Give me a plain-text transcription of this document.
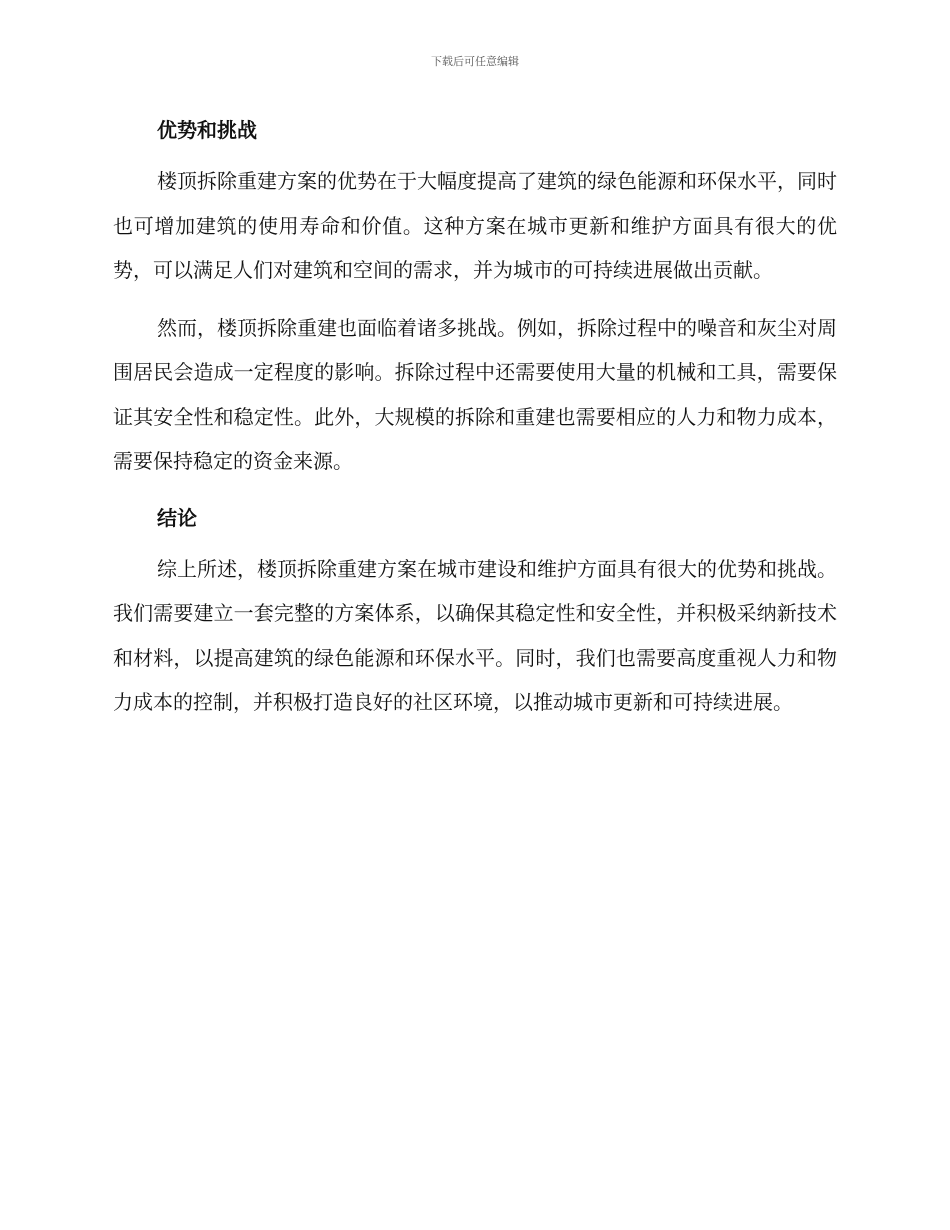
下载后可任意编辑
优势和挑战

楼顶拆除重建方案的优势在于大幅度提高了建筑的绿色能源和环保水平，同时也可增加建筑的使用寿命和价值。这种方案在城市更新和维护方面具有很大的优势，可以满足人们对建筑和空间的需求，并为城市的可持续进展做出贡献。

然而，楼顶拆除重建也面临着诸多挑战。例如，拆除过程中的噪音和灰尘对周围居民会造成一定程度的影响。拆除过程中还需要使用大量的机械和工具，需要保证其安全性和稳定性。此外，大规模的拆除和重建也需要相应的人力和物力成本，需要保持稳定的资金来源。

结论

综上所述，楼顶拆除重建方案在城市建设和维护方面具有很大的优势和挑战。我们需要建立一套完整的方案体系，以确保其稳定性和安全性，并积极采纳新技术和材料，以提高建筑的绿色能源和环保水平。同时，我们也需要高度重视人力和物力成本的控制，并积极打造良好的社区环境，以推动城市更新和可持续进展。
